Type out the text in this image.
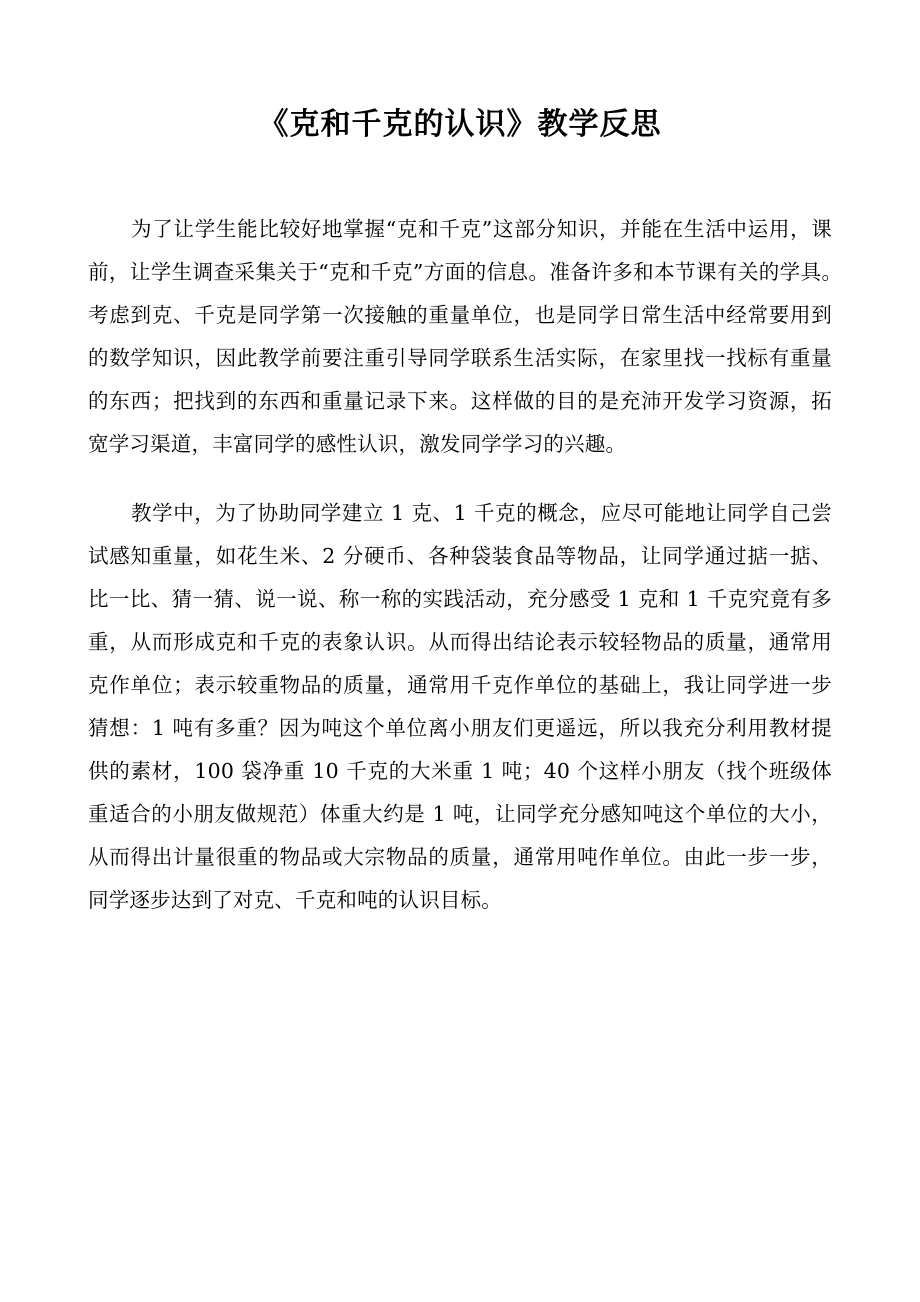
《克和千克的认识》教学反思

为了让学生能比较好地掌握“克和千克”这部分知识，并能在生活中运用，课前，让学生调查采集关于“克和千克”方面的信息。准备许多和本节课有关的学具。　考虑到克、千克是同学第一次接触的重量单位，也是同学日常生活中经常要用到的数学知识，因此教学前要注重引导同学联系生活实际，在家里找一找标有重量的东西；把找到的东西和重量记录下来。这样做的目的是充沛开发学习资源，拓宽学习渠道，丰富同学的感性认识，激发同学学习的兴趣。

教学中，为了协助同学建立 1 克、1 千克的概念，应尽可能地让同学自己尝试感知重量，如花生米、2 分硬币、各种袋装食品等物品，让同学通过掂一掂、比一比、猜一猜、说一说、称一称的实践活动，充分感受 1 克和 1 千克究竟有多重，从而形成克和千克的表象认识。从而得出结论表示较轻物品的质量，通常用克作单位；表示较重物品的质量，通常用千克作单位的基础上，我让同学进一步猜想：1 吨有多重？因为吨这个单位离小朋友们更遥远，所以我充分利用教材提供的素材，100 袋净重 10 千克的大米重 1 吨；40 个这样小朋友（找个班级体重适合的小朋友做规范）体重大约是 1 吨，让同学充分感知吨这个单位的大小，从而得出计量很重的物品或大宗物品的质量，通常用吨作单位。由此一步一步，同学逐步达到了对克、千克和吨的认识目标。
